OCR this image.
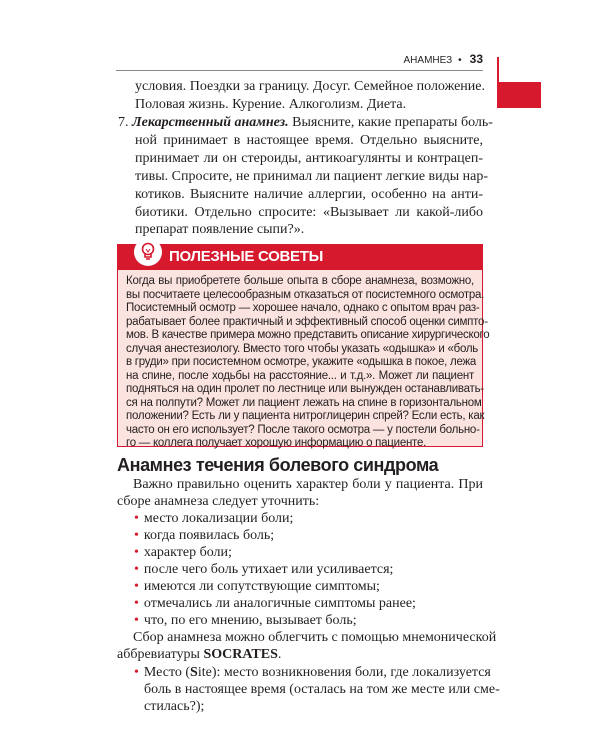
АНАМНЕЗ • 33
условия. Поездки за границу. Досуг. Семейное положение.
Половая жизнь. Курение. Алкоголизм. Диета.
7. Лекарственный анамнез. Выясните, какие препараты боль-
ной принимает в настоящее время. Отдельно выясните,
принимает ли он стероиды, антикоагулянты и контрацеп-
тивы. Спросите, не принимал ли пациент легкие виды нар-
котиков. Выясните наличие аллергии, особенно на анти-
биотики. Отдельно спросите: «Вызывает ли какой-либо
препарат появление сыпи?».
ПОЛЕЗНЫЕ СОВЕТЫ
Когда вы приобретете больше опыта в сборе анамнеза, возможно,
вы посчитаете целесообразным отказаться от посистемного осмотра.
Посистемный осмотр — хорошее начало, однако с опытом врач раз-
рабатывает более практичный и эффективный способ оценки симпто-
мов. В качестве примера можно представить описание хирургического
случая анестезиологу. Вместо того чтобы указать «одышка» и «боль
в груди» при посистемном осмотре, укажите «одышка в покое, лежа
на спине, после ходьбы на расстояние... и т.д.». Может ли пациент
подняться на один пролет по лестнице или вынужден останавливать-
ся на полпути? Может ли пациент лежать на спине в горизонтальном
положении? Есть ли у пациента нитроглицерин спрей? Если есть, как
часто он его использует? После такого осмотра — у постели больно-
го — коллега получает хорошую информацию о пациенте.
Анамнез течения болевого синдрома
Важно правильно оценить характер боли у пациента. При
сборе анамнеза следует уточнить:
• место локализации боли;
• когда появилась боль;
• характер боли;
• после чего боль утихает или усиливается;
• имеются ли сопутствующие симптомы;
• отмечались ли аналогичные симптомы ранее;
• что, по его мнению, вызывает боль;
Сбор анамнеза можно облегчить с помощью мнемонической
аббревиатуры SOCRATES.
• Место (Site): место возникновения боли, где локализуется
боль в настоящее время (осталась на том же месте или сме-
стилась?);
